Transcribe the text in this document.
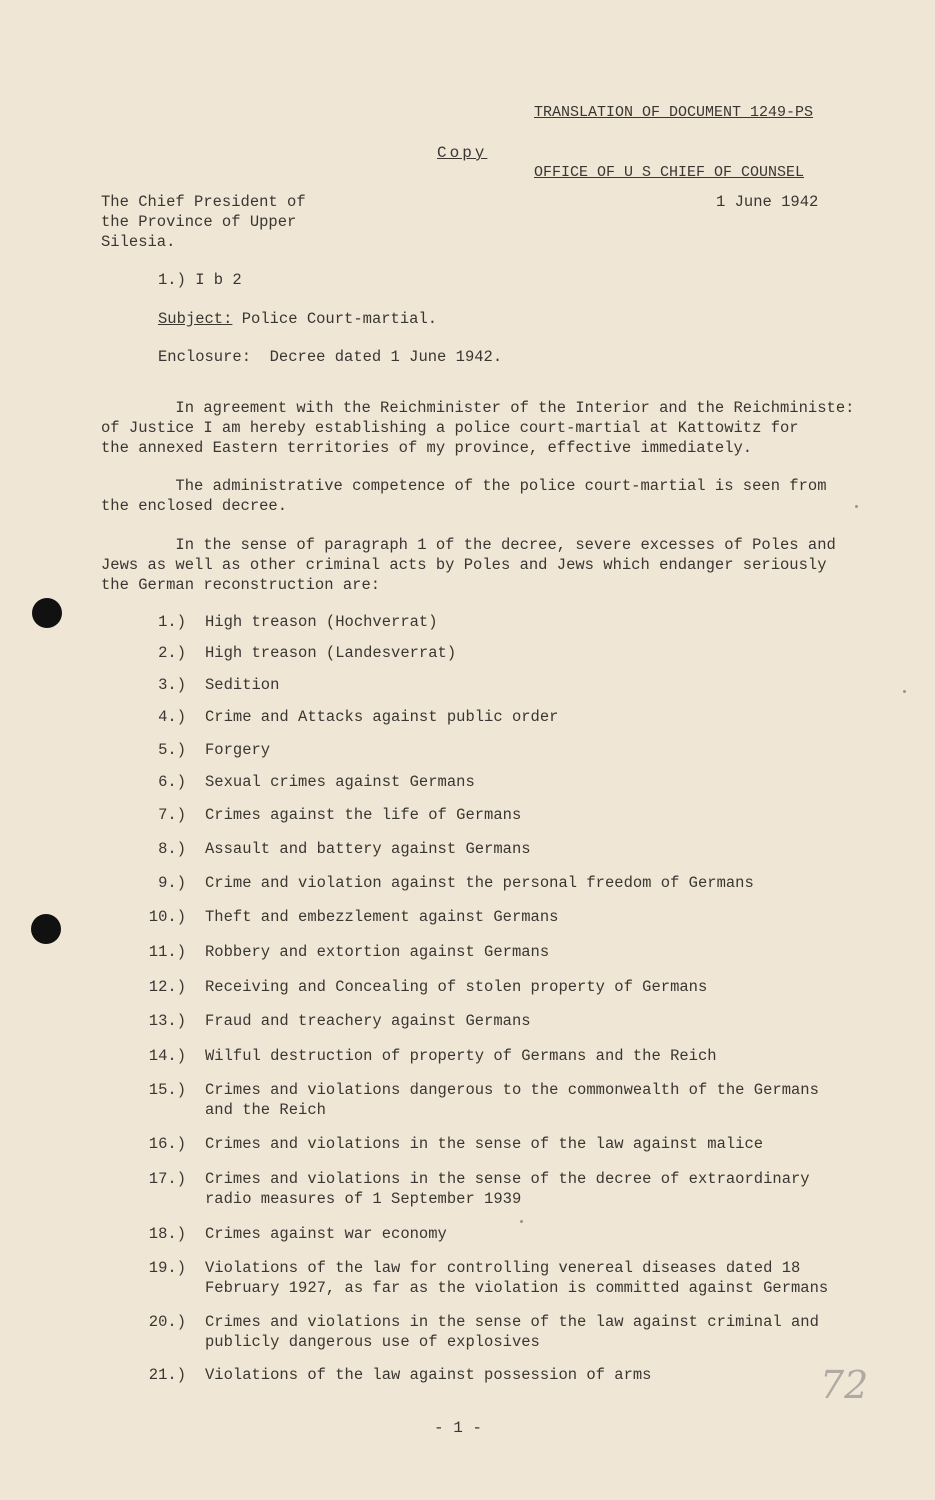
TRANSLATION OF DOCUMENT 1249-PS

OFFICE OF U S CHIEF OF COUNSEL

Copy
The Chief President of
the Province of Upper
Silesia.
1 June 1942
1.) I b 2
Subject: Police Court-martial.
Enclosure:  Decree dated 1 June 1942.
In agreement with the Reichminister of the Interior and the Reichministe:
of Justice I am hereby establishing a police court-martial at Kattowitz for
the annexed Eastern territories of my province, effective immediately.
The administrative competence of the police court-martial is seen from
the enclosed decree.
In the sense of paragraph 1 of the decree, severe excesses of Poles and
Jews as well as other criminal acts by Poles and Jews which endanger seriously
the German reconstruction are:
1.) High treason (Hochverrat)
2.) High treason (Landesverrat)
3.) Sedition
4.) Crime and Attacks against public order
5.) Forgery
6.) Sexual crimes against Germans
7.) Crimes against the life of Germans
8.) Assault and battery against Germans
9.) Crime and violation against the personal freedom of Germans
10.) Theft and embezzlement against Germans
11.) Robbery and extortion against Germans
12.) Receiving and Concealing of stolen property of Germans
13.) Fraud and treachery against Germans
14.) Wilful destruction of property of Germans and the Reich
15.) Crimes and violations dangerous to the commonwealth of the Germans
and the Reich
16.) Crimes and violations in the sense of the law against malice
17.) Crimes and violations in the sense of the decree of extraordinary
radio measures of 1 September 1939
18.) Crimes against war economy
19.) Violations of the law for controlling venereal diseases dated 18
February 1927, as far as the violation is committed against Germans
20.) Crimes and violations in the sense of the law against criminal and
publicly dangerous use of explosives
21.) Violations of the law against possession of arms
- 1 -
72
